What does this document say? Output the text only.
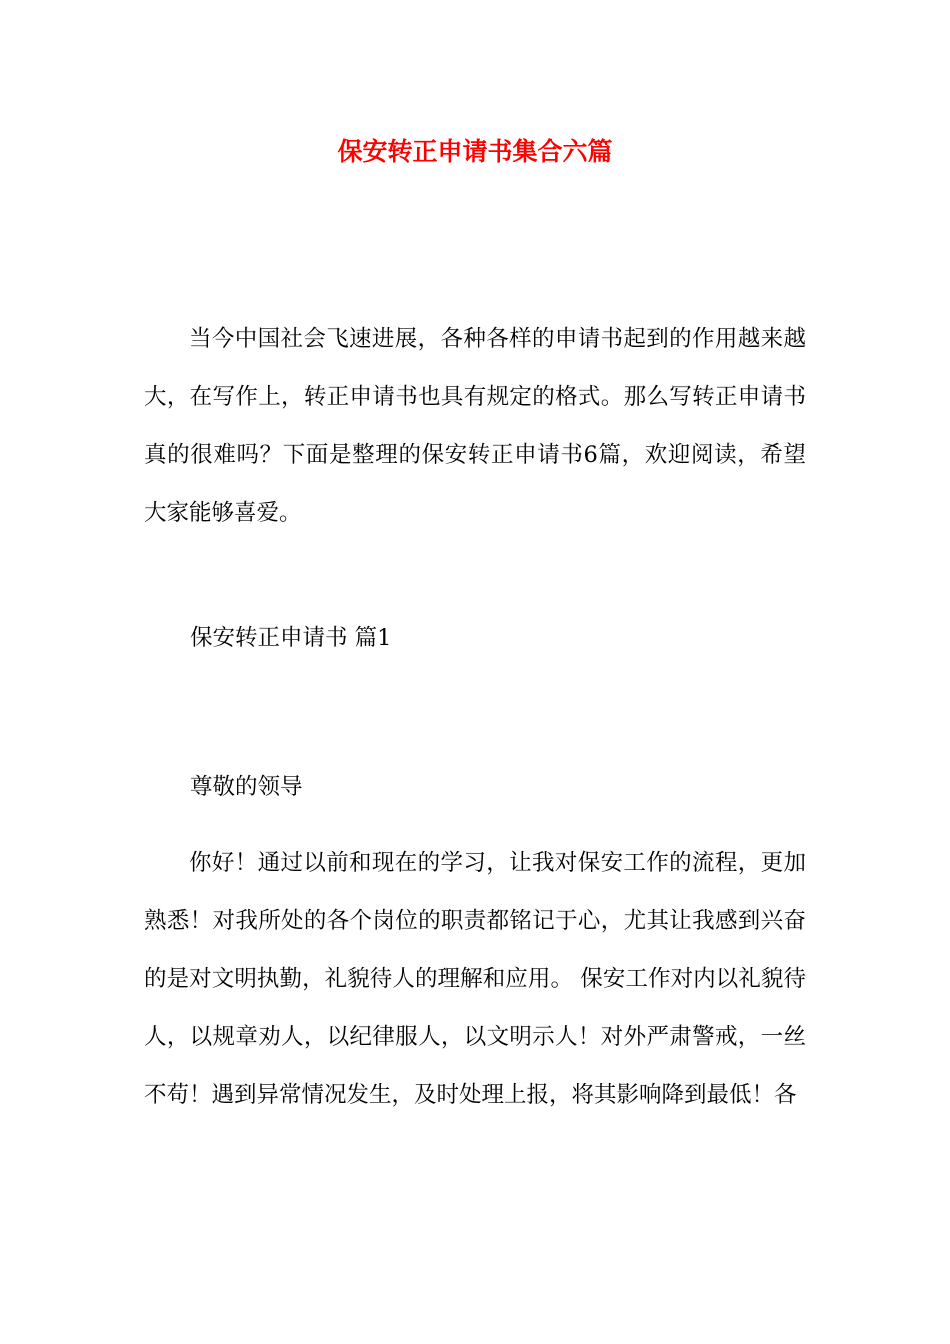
保安转正申请书集合六篇

当今中国社会飞速进展，各种各样的申请书起到的作用越来越大，在写作上，转正申请书也具有规定的格式。那么写转正申请书真的很难吗？下面是整理的保安转正申请书6篇，欢迎阅读，希望大家能够喜爱。

保安转正申请书 篇1

尊敬的领导

你好！通过以前和现在的学习，让我对保安工作的流程，更加熟悉！对我所处的各个岗位的职责都铭记于心，尤其让我感到兴奋的是对文明执勤，礼貌待人的理解和应用。 保安工作对内以礼貌待人，以规章劝人，以纪律服人，以文明示人！对外严肃警戒，一丝不苟！遇到异常情况发生，及时处理上报，将其影响降到最低！各
